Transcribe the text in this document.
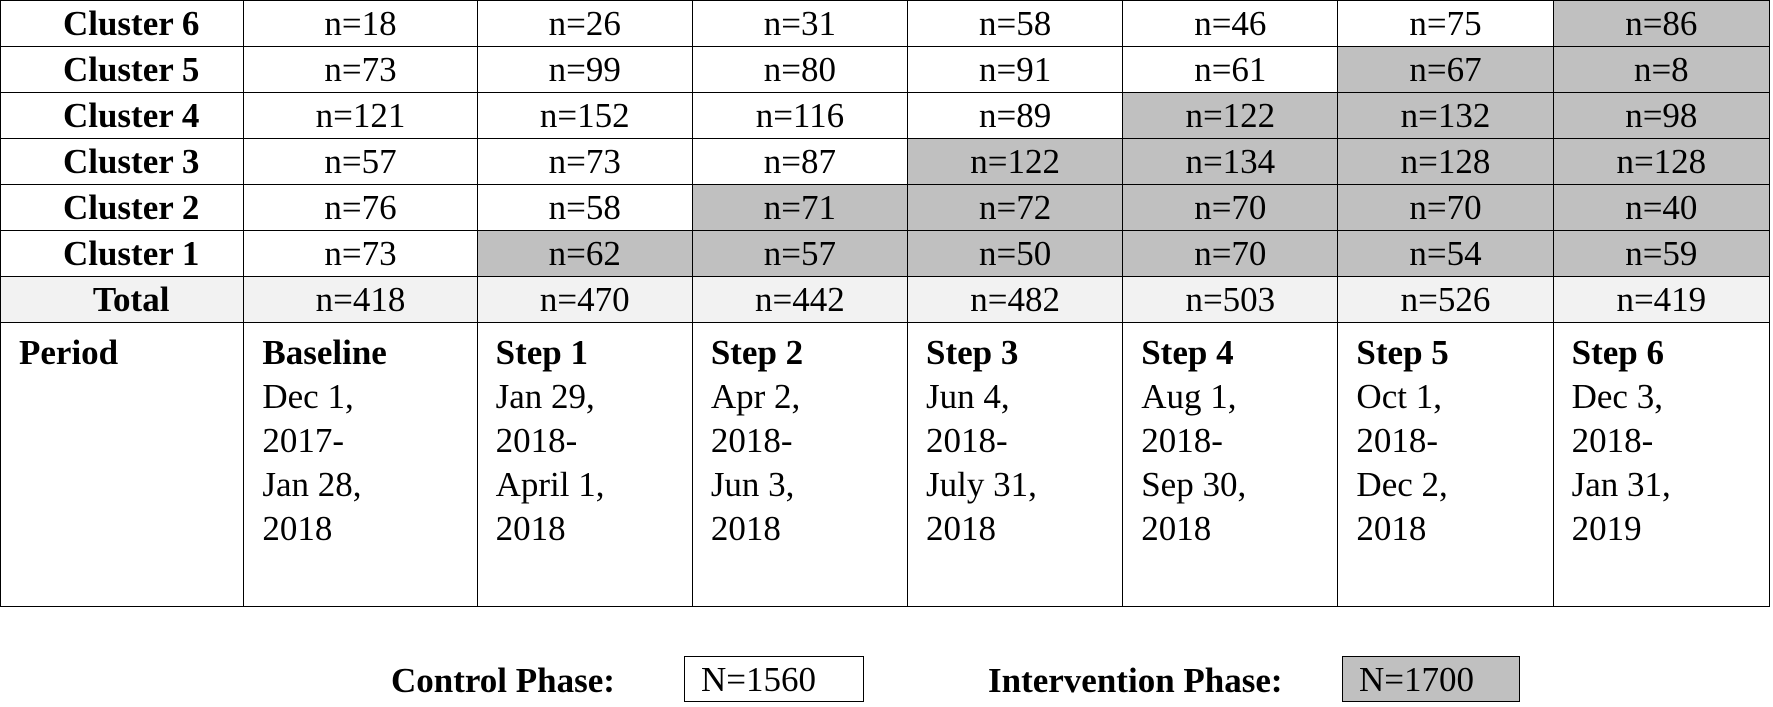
Cluster 6	n=18	n=26	n=31	n=58	n=46	n=75	n=86
Cluster 5	n=73	n=99	n=80	n=91	n=61	n=67	n=8
Cluster 4	n=121	n=152	n=116	n=89	n=122	n=132	n=98
Cluster 3	n=57	n=73	n=87	n=122	n=134	n=128	n=128
Cluster 2	n=76	n=58	n=71	n=72	n=70	n=70	n=40
Cluster 1	n=73	n=62	n=57	n=50	n=70	n=54	n=59
Total	n=418	n=470	n=442	n=482	n=503	n=526	n=419
Period	Baseline
Dec 1,
2017-
Jan 28,
2018	Step 1
Jan 29,
2018-
April 1,
2018	Step 2
Apr 2,
2018-
Jun 3,
2018	Step 3
Jun 4,
2018-
July 31,
2018	Step 4
Aug 1,
2018-
Sep 30,
2018	Step 5
Oct 1,
2018-
Dec 2,
2018	Step 6
Dec 3,
2018-
Jan 31,
2019
Control Phase:	N=1560	Intervention Phase:	N=1700
